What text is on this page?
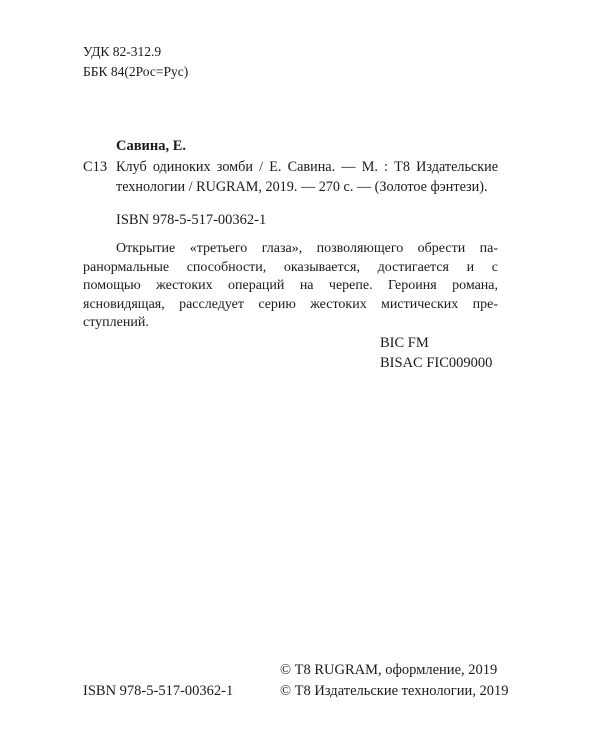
УДК 82-312.9
ББК 84(2Рос=Рус)
Савина, Е.
С13 Клуб одиноких зомби / Е. Савина. — М. : Т8 Издательские
технологии / RUGRAM, 2019. — 270 с. — (Золотое фэнтези).
ISBN 978-5-517-00362-1
Открытие «третьего глаза», позволяющего обрести па-
ранормальные способности, оказывается, достигается и с
помощью жестоких операций на черепе. Героиня романа,
ясновидящая, расследует серию жестоких мистических пре-
ступлений.
BIC FM
BISAC FIC009000
© Т8 RUGRAM, оформление, 2019
ISBN 978-5-517-00362-1	© Т8 Издательские технологии, 2019
